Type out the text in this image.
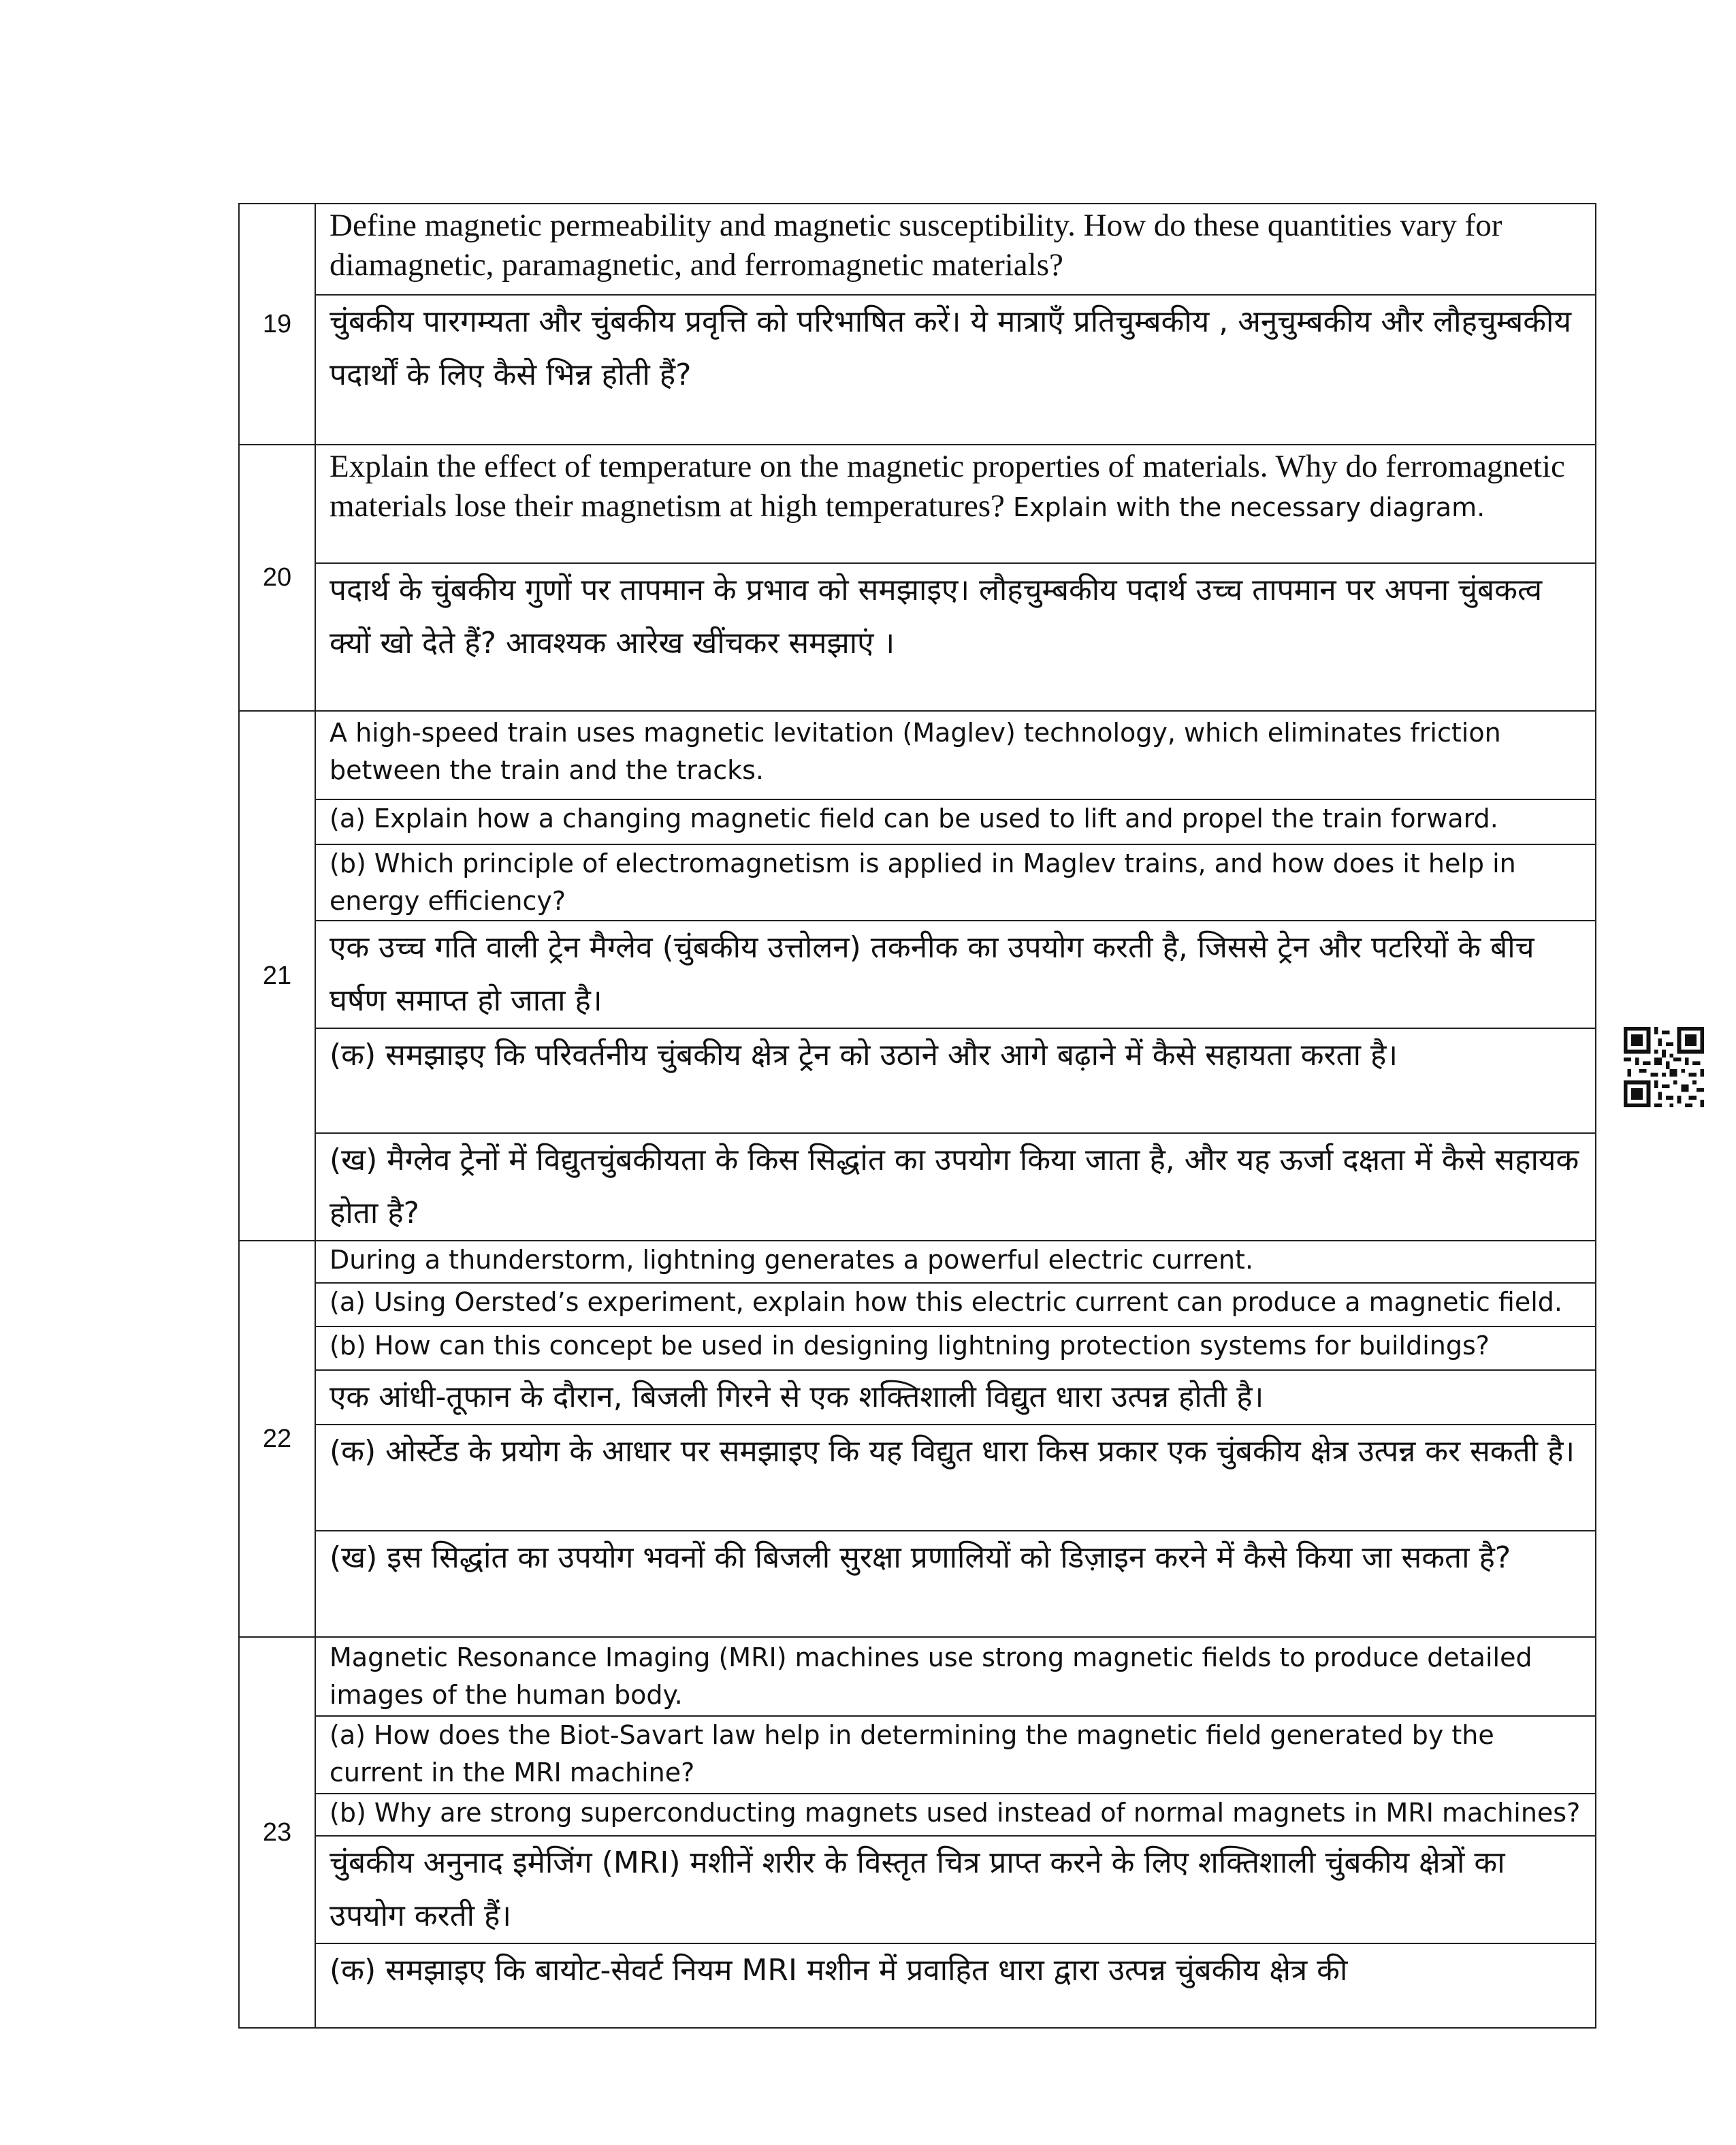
19	Define magnetic permeability and magnetic susceptibility. How do these quantities vary for diamagnetic, paramagnetic, and ferromagnetic materials?
	चुंबकीय पारगम्यता और चुंबकीय प्रवृत्ति को परिभाषित करें। ये मात्राएँ प्रतिचुम्बकीय , अनुचुम्बकीय और लौहचुम्बकीय पदार्थों के लिए कैसे भिन्न होती हैं?
20	Explain the effect of temperature on the magnetic properties of materials. Why do ferromagnetic materials lose their magnetism at high temperatures? Explain with the necessary diagram.
	पदार्थ के चुंबकीय गुणों पर तापमान के प्रभाव को समझाइए। लौहचुम्बकीय पदार्थ उच्च तापमान पर अपना चुंबकत्व क्यों खो देते हैं? आवश्यक आरेख खींचकर समझाएं ।
21	A high-speed train uses magnetic levitation (Maglev) technology, which eliminates friction between the train and the tracks.
	(a) Explain how a changing magnetic field can be used to lift and propel the train forward.
	(b) Which principle of electromagnetism is applied in Maglev trains, and how does it help in energy efficiency?
	एक उच्च गति वाली ट्रेन मैग्लेव (चुंबकीय उत्तोलन) तकनीक का उपयोग करती है, जिससे ट्रेन और पटरियों के बीच घर्षण समाप्त हो जाता है।
	(क) समझाइए कि परिवर्तनीय चुंबकीय क्षेत्र ट्रेन को उठाने और आगे बढ़ाने में कैसे सहायता करता है।
	(ख) मैग्लेव ट्रेनों में विद्युतचुंबकीयता के किस सिद्धांत का उपयोग किया जाता है, और यह ऊर्जा दक्षता में कैसे सहायक होता है?
22	During a thunderstorm, lightning generates a powerful electric current.
	(a) Using Oersted’s experiment, explain how this electric current can produce a magnetic field.
	(b) How can this concept be used in designing lightning protection systems for buildings?
	एक आंधी-तूफान के दौरान, बिजली गिरने से एक शक्तिशाली विद्युत धारा उत्पन्न होती है।
	(क) ओर्स्टेड के प्रयोग के आधार पर समझाइए कि यह विद्युत धारा किस प्रकार एक चुंबकीय क्षेत्र उत्पन्न कर सकती है।
	(ख) इस सिद्धांत का उपयोग भवनों की बिजली सुरक्षा प्रणालियों को डिज़ाइन करने में कैसे किया जा सकता है?
23	Magnetic Resonance Imaging (MRI) machines use strong magnetic fields to produce detailed images of the human body.
	(a) How does the Biot-Savart law help in determining the magnetic field generated by the current in the MRI machine?
	(b) Why are strong superconducting magnets used instead of normal magnets in MRI machines?
	चुंबकीय अनुनाद इमेजिंग (MRI) मशीनें शरीर के विस्तृत चित्र प्राप्त करने के लिए शक्तिशाली चुंबकीय क्षेत्रों का उपयोग करती हैं।
	(क) समझाइए कि बायोट-सेवर्ट नियम MRI मशीन में प्रवाहित धारा द्वारा उत्पन्न चुंबकीय क्षेत्र की
